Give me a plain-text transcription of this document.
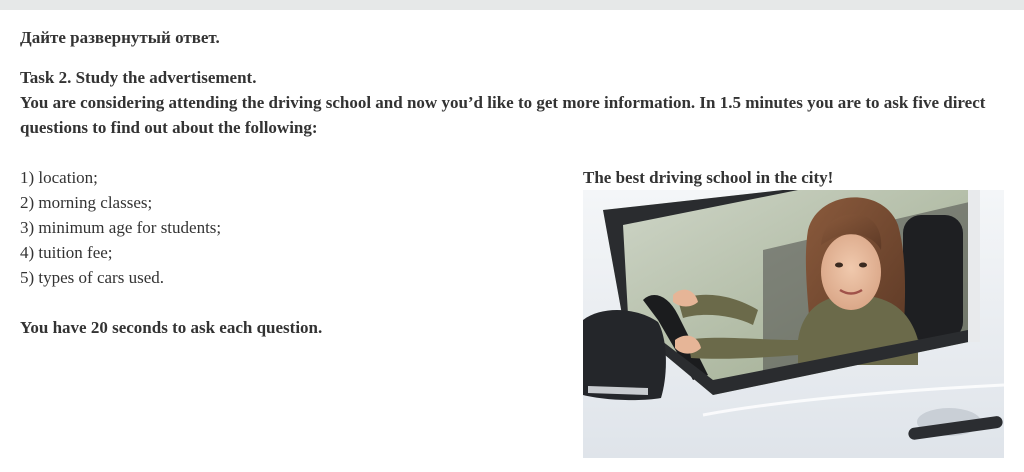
Дайте развернутый ответ.

Task 2. Study the advertisement.

You are considering attending the driving school and now you’d like to get more information. In 1.5 minutes you are to ask five direct questions to find out about the following:

1) location;
2) morning classes;
3) minimum age for students;
4) tuition fee;
5) types of cars used.

You have 20 seconds to ask each question.

The best driving school in the city!
